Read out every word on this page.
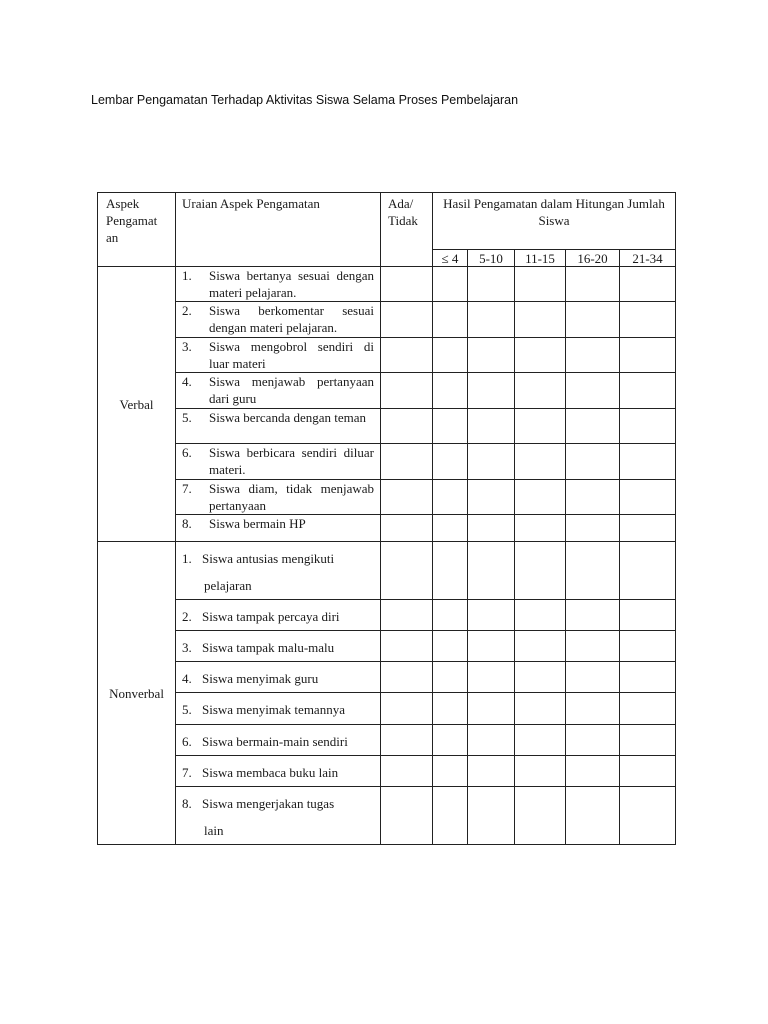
Lembar Pengamatan Terhadap Aktivitas Siswa Selama Proses Pembelajaran
Aspek Pengamat an	Uraian Aspek Pengamatan	Ada/ Tidak	Hasil Pengamatan dalam Hitungan Jumlah Siswa				
			≤ 4	5-10	11-15	16-20	21-34
Verbal	1. Siswa bertanya sesuai dengan materi pelajaran.						

	2. Siswa berkomentar sesuai dengan materi pelajaran.						

	3. Siswa mengobrol sendiri di luar materi						

	4. Siswa menjawab pertanyaan dari guru						

	5. Siswa bercanda dengan teman						

	6. Siswa berbicara sendiri diluar materi.						

	7. Siswa diam, tidak menjawab pertanyaan						

	8. Siswa bermain HP						

Nonverbal	1. Siswa antusias mengikuti
pelajaran						

	2. Siswa tampak percaya diri						

	3. Siswa tampak malu-malu						

	4. Siswa menyimak guru						

	5. Siswa menyimak temannya						

	6. Siswa bermain-main sendiri						

	7. Siswa membaca buku lain						

	8. Siswa mengerjakan tugas
lain						
